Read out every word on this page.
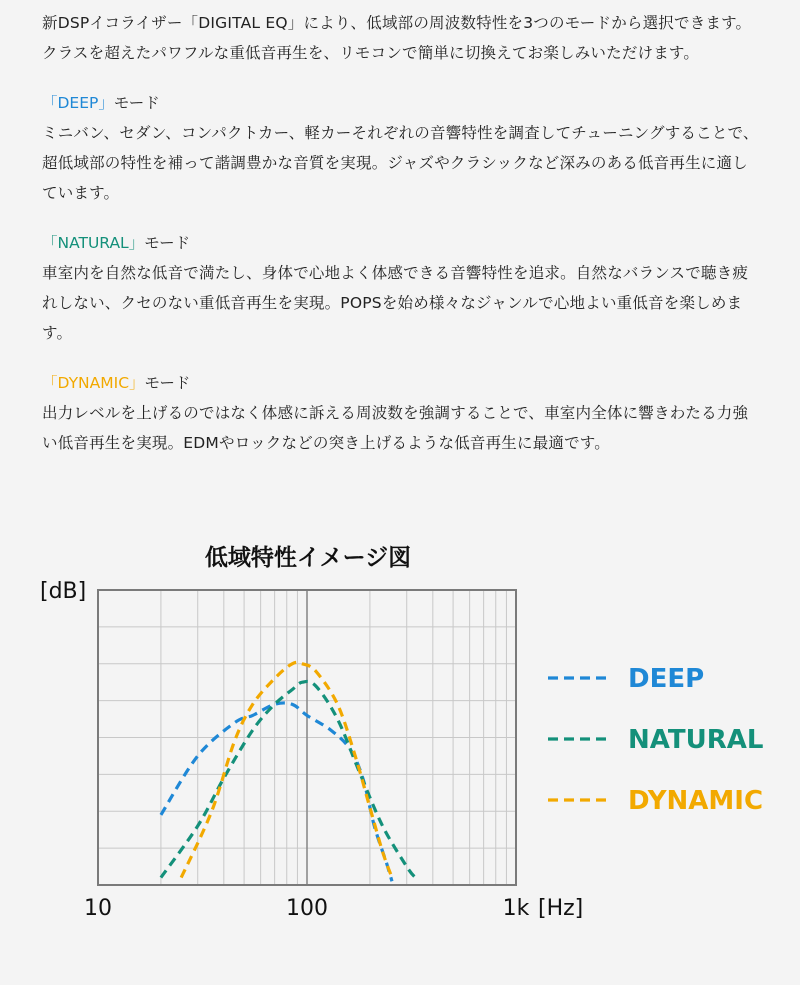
新DSPイコライザー「DIGITAL EQ」により、低域部の周波数特性を3つのモードから選択できます。クラスを超えたパワフルな重低音再生を、リモコンで簡単に切換えてお楽しみいただけます。

「DEEP」モード

ミニバン、セダン、コンパクトカー、軽カーそれぞれの音響特性を調査してチューニングすることで、超低域部の特性を補って諧調豊かな音質を実現。ジャズやクラシックなど深みのある低音再生に適しています。

「NATURAL」モード

車室内を自然な低音で満たし、身体で心地よく体感できる音響特性を追求。自然なバランスで聴き疲れしない、クセのない重低音再生を実現。POPSを始め様々なジャンルで心地よい重低音を楽しめます。

「DYNAMIC」モード

出力レベルを上げるのではなく体感に訴える周波数を強調することで、車室内全体に響きわたる力強い低音再生を実現。EDMやロックなどの突き上げるような低音再生に最適です。

低域特性イメージ図
[dB]
[Hz]
10	100	1k
DEEP
NATURAL
DYNAMIC
